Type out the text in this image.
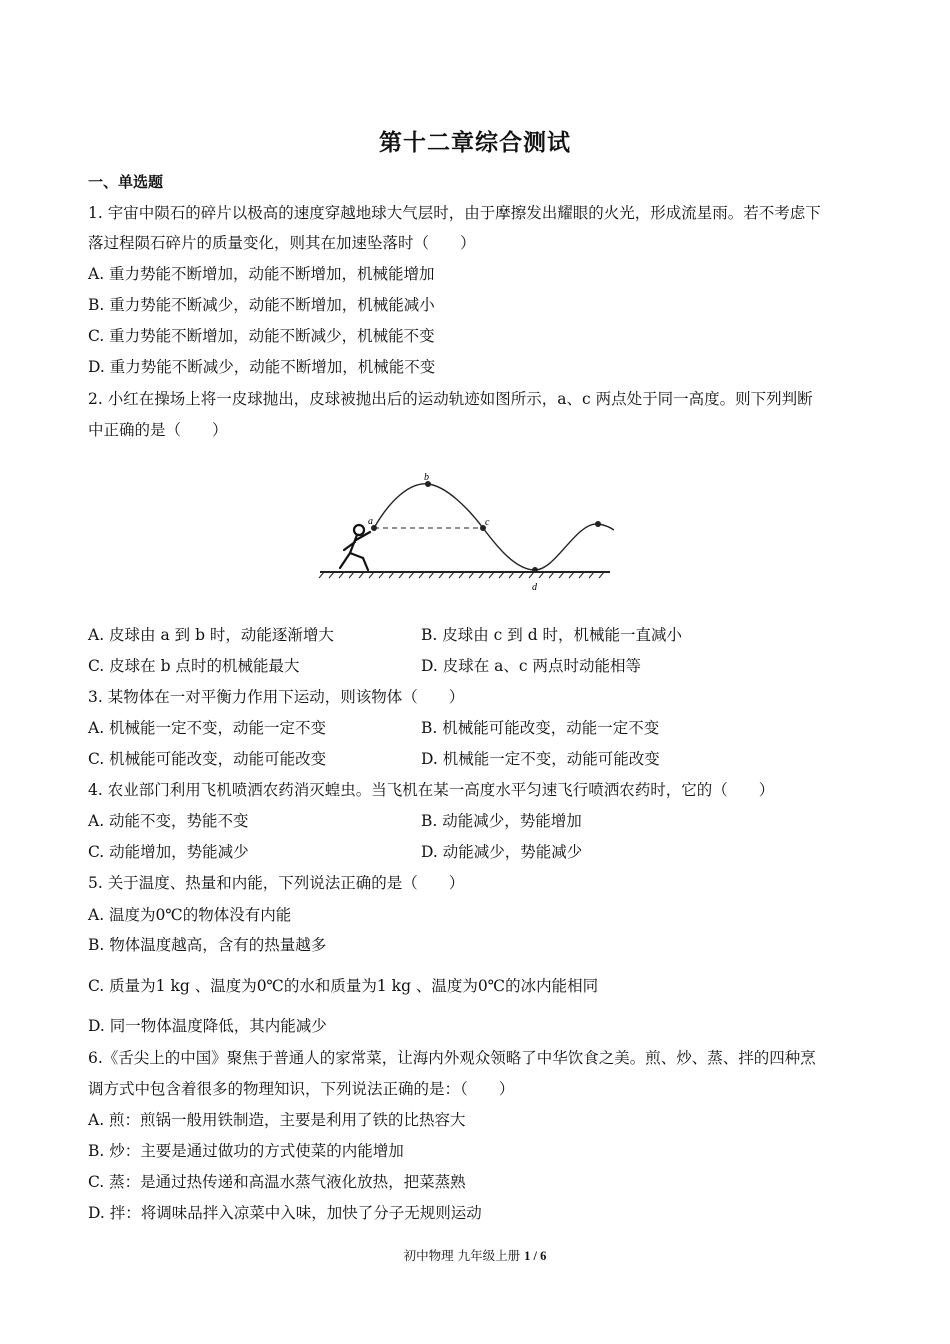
第十二章综合测试
一、单选题
1. 宇宙中陨石的碎片以极高的速度穿越地球大气层时，由于摩擦发出耀眼的火光，形成流星雨。若不考虑下
落过程陨石碎片的质量变化，则其在加速坠落时（　　）
A. 重力势能不断增加，动能不断增加，机械能增加
B. 重力势能不断减少，动能不断增加，机械能减小
C. 重力势能不断增加，动能不断减少，机械能不变
D. 重力势能不断减少，动能不断增加，机械能不变
2. 小红在操场上将一皮球抛出，皮球被抛出后的运动轨迹如图所示，a、c 两点处于同一高度。则下列判断
中正确的是（　　）
a
b
c
d
A. 皮球由 a 到 b 时，动能逐渐增大	B. 皮球由 c 到 d 时，机械能一直减小
C. 皮球在 b 点时的机械能最大	D. 皮球在 a、c 两点时动能相等
3. 某物体在一对平衡力作用下运动，则该物体（　　）
A. 机械能一定不变，动能一定不变	B. 机械能可能改变，动能一定不变
C. 机械能可能改变，动能可能改变	D. 机械能一定不变，动能可能改变
4. 农业部门利用飞机喷洒农药消灭蝗虫。当飞机在某一高度水平匀速飞行喷洒农药时，它的（　　）
A. 动能不变，势能不变	B. 动能减少，势能增加
C. 动能增加，势能减少	D. 动能减少，势能减少
5. 关于温度、热量和内能，下列说法正确的是（　　）
A. 温度为0℃的物体没有内能
B. 物体温度越高，含有的热量越多
C. 质量为1 kg 、温度为0℃的水和质量为1 kg 、温度为0℃的冰内能相同
D. 同一物体温度降低，其内能减少
6.《舌尖上的中国》聚焦于普通人的家常菜，让海内外观众领略了中华饮食之美。煎、炒、蒸、拌的四种烹
调方式中包含着很多的物理知识，下列说法正确的是：（　　）
A. 煎：煎锅一般用铁制造，主要是利用了铁的比热容大
B. 炒：主要是通过做功的方式使菜的内能增加
C. 蒸：是通过热传递和高温水蒸气液化放热，把菜蒸熟
D. 拌：将调味品拌入凉菜中入味，加快了分子无规则运动
初中物理 九年级上册 1 / 6
